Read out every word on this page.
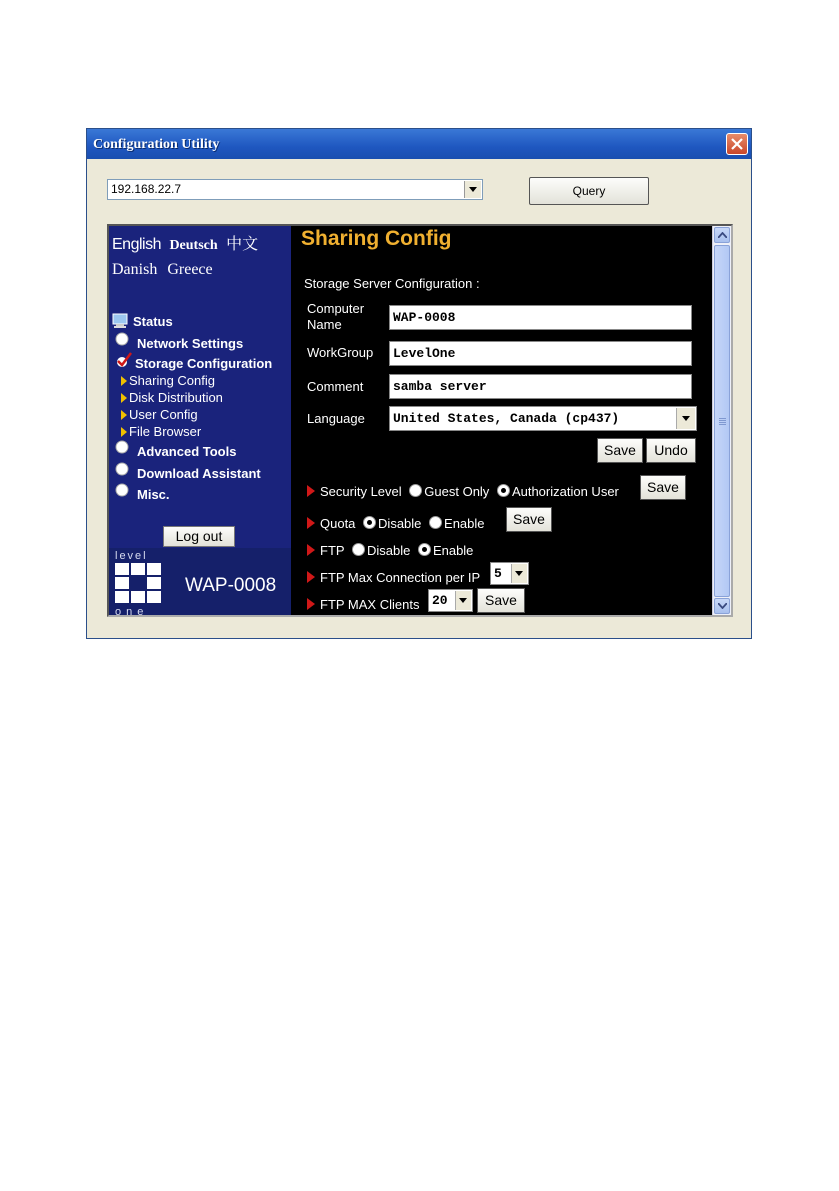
Configuration Utility
192.168.22.7	Query
English Deutsch 中文
Danish Greece
Status
Network Settings
Storage Configuration
Sharing Config
Disk Distribution
User Config
File Browser
Advanced Tools
Download Assistant
Misc.
Log out
level
one
WAP-0008
Sharing Config
Storage Server Configuration :
Computer Name	WAP-0008
WorkGroup	LevelOne
Comment	samba server
Language	United States, Canada (cp437)
Save	Undo
Security Level Guest Only Authorization User	Save
Quota Disable Enable	Save
FTP Disable Enable
FTP Max Connection per IP	5
FTP MAX Clients 20	Save
